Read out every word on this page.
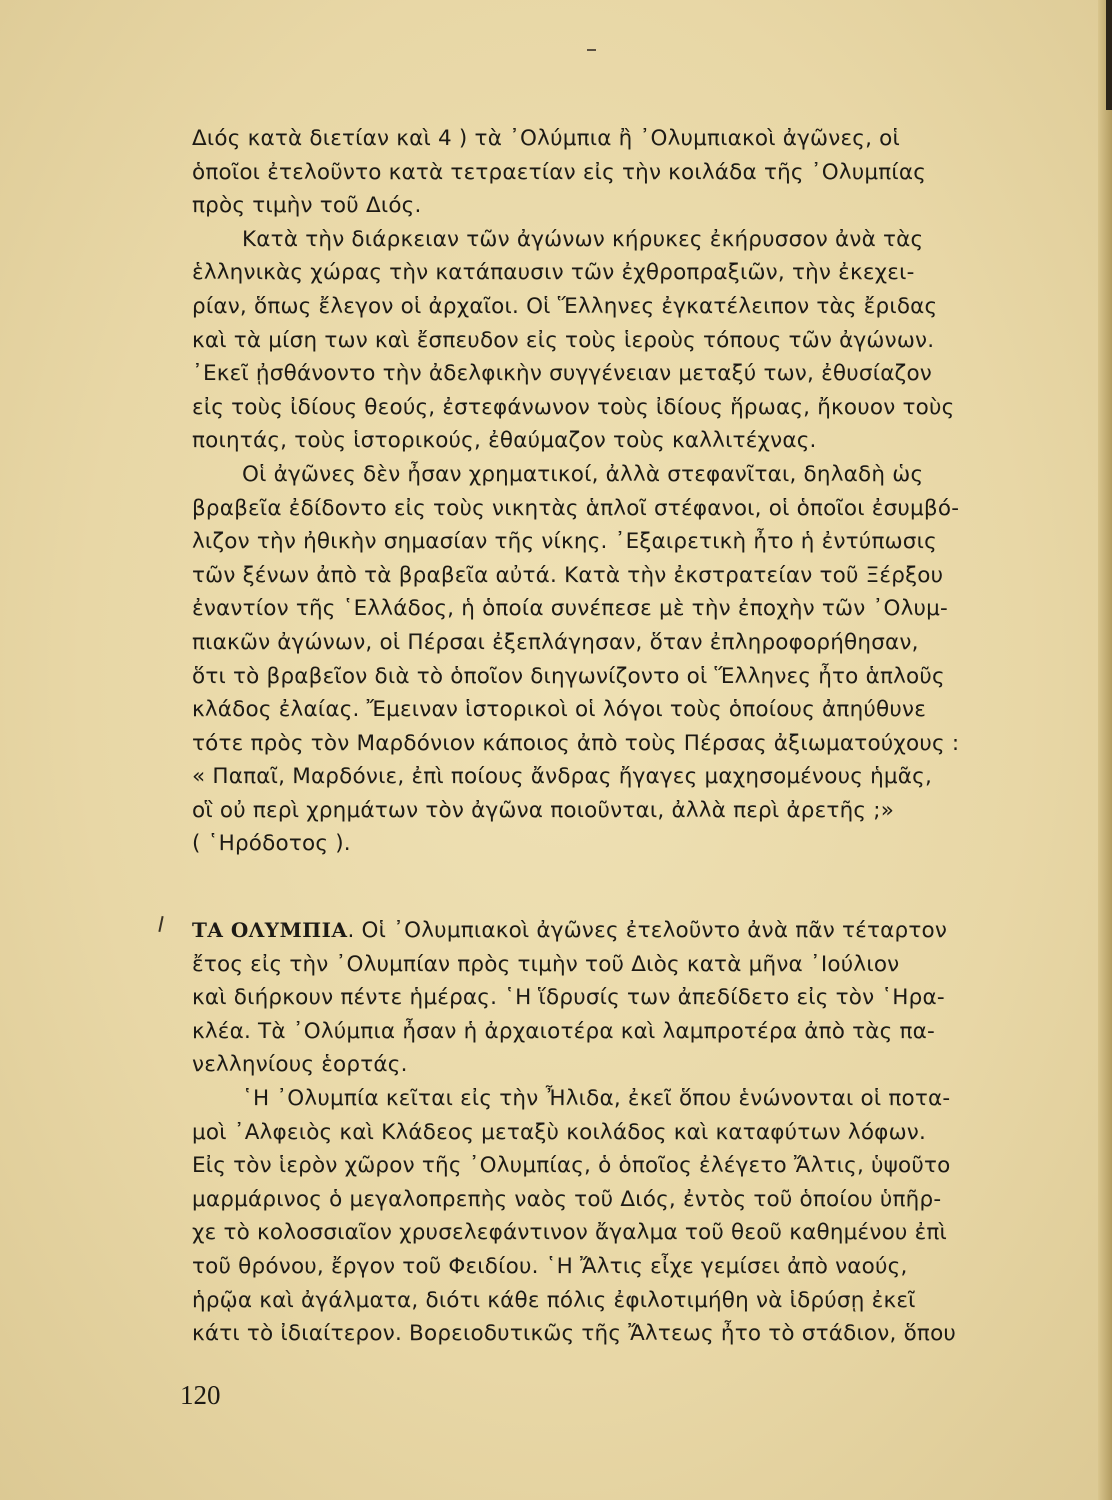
Διός κατὰ διετίαν καὶ 4 ) τὰ ᾿Ολύμπια ἢ ᾿Ολυμπιακοὶ ἀγῶνες, οἱ
ὁποῖοι ἐτελοῦντο κατὰ τετραετίαν εἰς τὴν κοιλάδα τῆς ᾿Ολυμπίας
πρὸς τιμὴν τοῦ Διός.
Κατὰ τὴν διάρκειαν τῶν ἀγώνων κήρυκες ἐκήρυσσον ἀνὰ τὰς
ἑλληνικὰς χώρας τὴν κατάπαυσιν τῶν ἐχθροπραξιῶν, τὴν ἐκεχει-
ρίαν, ὅπως ἔλεγον οἱ ἀρχαῖοι. Οἱ Ἕλληνες ἐγκατέλειπον τὰς ἔριδας
καὶ τὰ μίση των καὶ ἔσπευδον εἰς τοὺς ἱεροὺς τόπους τῶν ἀγώνων.
᾿Εκεῖ ᾐσθάνοντο τὴν ἀδελφικὴν συγγένειαν μεταξύ των, ἐθυσίαζον
εἰς τοὺς ἰδίους θεούς, ἐστεφάνωνον τοὺς ἰδίους ἥρωας, ἤκουον τοὺς
ποιητάς, τοὺς ἱστορικούς, ἐθαύμαζον τοὺς καλλιτέχνας.
Οἱ ἀγῶνες δὲν ἦσαν χρηματικοί, ἀλλὰ στεφανῖται, δηλαδὴ ὡς
βραβεῖα ἐδίδοντο εἰς τοὺς νικητὰς ἁπλοῖ στέφανοι, οἱ ὁποῖοι ἐσυμβό-
λιζον τὴν ἠθικὴν σημασίαν τῆς νίκης. ᾿Εξαιρετικὴ ἦτο ἡ ἐντύπωσις
τῶν ξένων ἀπὸ τὰ βραβεῖα αὐτά. Κατὰ τὴν ἐκστρατείαν τοῦ Ξέρξου
ἐναντίον τῆς ῾Ελλάδος, ἡ ὁποία συνέπεσε μὲ τὴν ἐποχὴν τῶν ᾿Ολυμ-
πιακῶν ἀγώνων, οἱ Πέρσαι ἐξεπλάγησαν, ὅταν ἐπληροφορήθησαν,
ὅτι τὸ βραβεῖον διὰ τὸ ὁποῖον διηγωνίζοντο οἱ Ἕλληνες ἦτο ἁπλοῦς
κλάδος ἐλαίας. Ἔμειναν ἱστορικοὶ οἱ λόγοι τοὺς ὁποίους ἀπηύθυνε
τότε πρὸς τὸν Μαρδόνιον κάποιος ἀπὸ τοὺς Πέρσας ἀξιωματούχους :
« Παπαῖ, Μαρδόνιε, ἐπὶ ποίους ἄνδρας ἤγαγες μαχησομένους ἡμᾶς,
οἳ οὐ περὶ χρημάτων τὸν ἀγῶνα ποιοῦνται, ἀλλὰ περὶ ἀρετῆς ;»
( ῾Ηρόδοτος ).
ΤΑ ΟΛΥΜΠΙΑ. Οἱ ᾿Ολυμπιακοὶ ἀγῶνες ἐτελοῦντο ἀνὰ πᾶν τέταρτον
ἔτος εἰς τὴν ᾿Ολυμπίαν πρὸς τιμὴν τοῦ Διὸς κατὰ μῆνα ᾿Ιούλιον
καὶ διήρκουν πέντε ἡμέρας. ῾Η ἵδρυσίς των ἀπεδίδετο εἰς τὸν ῾Ηρα-
κλέα. Τὰ ᾿Ολύμπια ἦσαν ἡ ἀρχαιοτέρα καὶ λαμπροτέρα ἀπὸ τὰς πα-
νελληνίους ἑορτάς.
῾Η ᾿Ολυμπία κεῖται εἰς τὴν Ἦλιδα, ἐκεῖ ὅπου ἑνώνονται οἱ ποτα-
μοὶ ᾿Αλφειὸς καὶ Κλάδεος μεταξὺ κοιλάδος καὶ καταφύτων λόφων.
Εἰς τὸν ἱερὸν χῶρον τῆς ᾿Ολυμπίας, ὁ ὁποῖος ἐλέγετο Ἄλτις, ὑψοῦτο
μαρμάρινος ὁ μεγαλοπρεπὴς ναὸς τοῦ Διός, ἐντὸς τοῦ ὁποίου ὑπῆρ-
χε τὸ κολοσσιαῖον χρυσελεφάντινον ἄγαλμα τοῦ θεοῦ καθημένου ἐπὶ
τοῦ θρόνου, ἔργον τοῦ Φειδίου. ῾Η Ἄλτις εἶχε γεμίσει ἀπὸ ναούς,
ἡρῷα καὶ ἀγάλματα, διότι κάθε πόλις ἐφιλοτιμήθη νὰ ἱδρύσῃ ἐκεῖ
κάτι τὸ ἰδιαίτερον. Βορειοδυτικῶς τῆς Ἄλτεως ἦτο τὸ στάδιον, ὅπου
120
